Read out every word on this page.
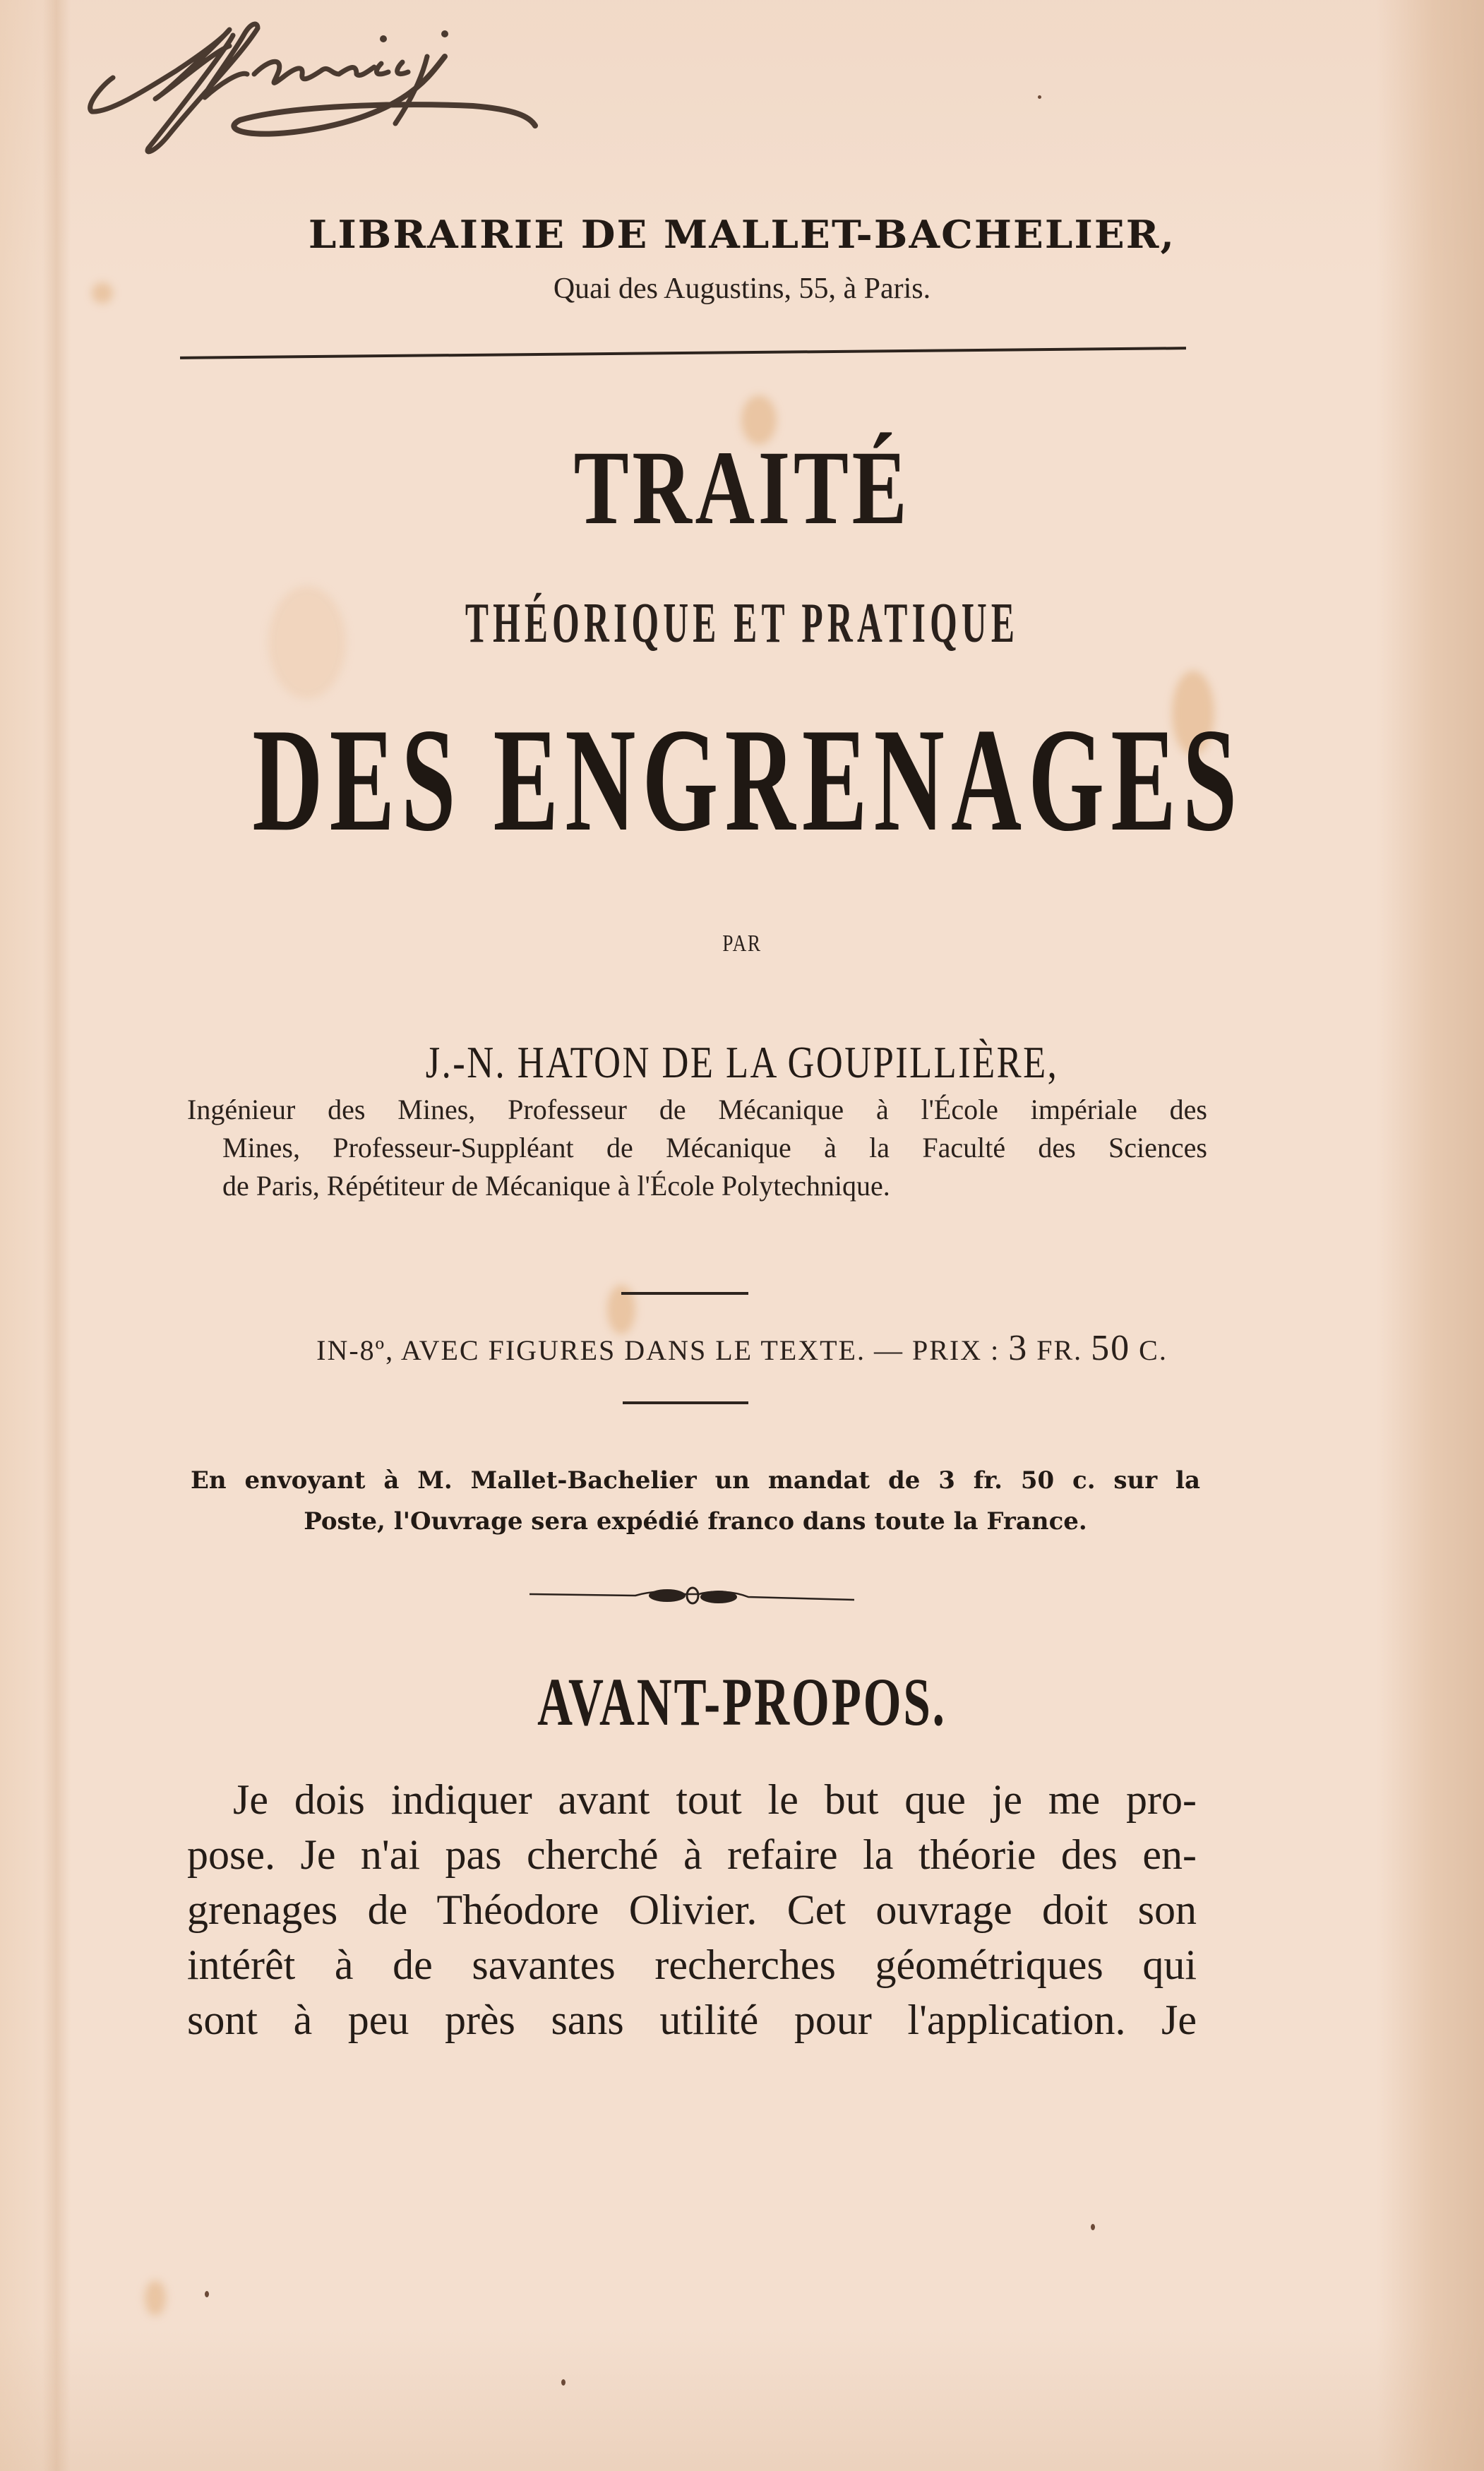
LIBRAIRIE DE MALLET-BACHELIER,
Quai des Augustins, 55, à Paris.
TRAITÉ
THÉORIQUE ET PRATIQUE
DES ENGRENAGES
PAR
J.-N. HATON DE LA GOUPILLIÈRE,
Ingénieur des Mines, Professeur de Mécanique à l'École impériale des
Mines, Professeur-Suppléant de Mécanique à la Faculté des Sciences
de Paris, Répétiteur de Mécanique à l'École Polytechnique.
IN-8º, AVEC FIGURES DANS LE TEXTE. — PRIX : 3 FR. 50 C.
En envoyant à M. Mallet-Bachelier un mandat de 3 fr. 50 c. sur la
Poste, l'Ouvrage sera expédié franco dans toute la France.
AVANT-PROPOS.
Je dois indiquer avant tout le but que je me pro-
pose. Je n'ai pas cherché à refaire la théorie des en-
grenages de Théodore Olivier. Cet ouvrage doit son
intérêt à de savantes recherches géométriques qui
sont à peu près sans utilité pour l'application. Je
